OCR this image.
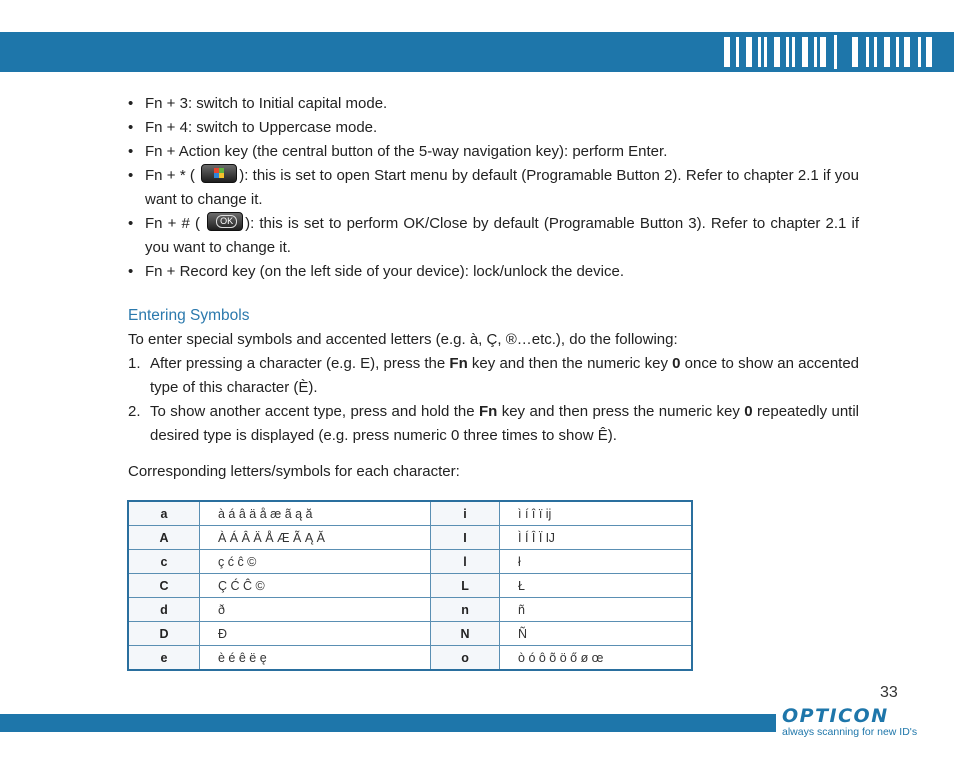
• Fn + 3: switch to Initial capital mode.
• Fn + 4: switch to Uppercase mode.
• Fn + Action key (the central button of the 5-way navigation key): perform Enter.
• Fn + * (	): this is set to open Start menu by default (Programable Button 2). Refer to chapter 2.1 if you want to change it.
• Fn + # (	OK ): this is set to perform OK/Close by default (Programable Button 3). Refer to chapter 2.1 if you want to change it.
• Fn + Record key (on the left side of your device): lock/unlock the device.
Entering Symbols

To enter special symbols and accented letters (e.g. à, Ç, ®…etc.), do the following:

1. After pressing a character (e.g. E), press the Fn key and then the numeric key 0 once to show an accented type of this character (È).
2. To show another accent type, press and hold the Fn key and then press the numeric key 0 repeatedly until desired type is displayed (e.g. press numeric 0 three times to show Ê).

Corresponding letters/symbols for each character:

a	à á â ä å æ ã ą ă	i	ì í î ï ĳ
A	À Á Â Ä Å Æ Ã Ą Ă	I	Ì Í Î Ï Ĳ
c	ç ć ĉ ©	l	ł
C	Ç Ć Ĉ ©	L	Ł
d	ð	n	ñ
D	Đ	N	Ñ
e	è é ê ë ę	o	ò ó ô õ ö ő ø œ
33
OPTICON
always scanning for new ID's
